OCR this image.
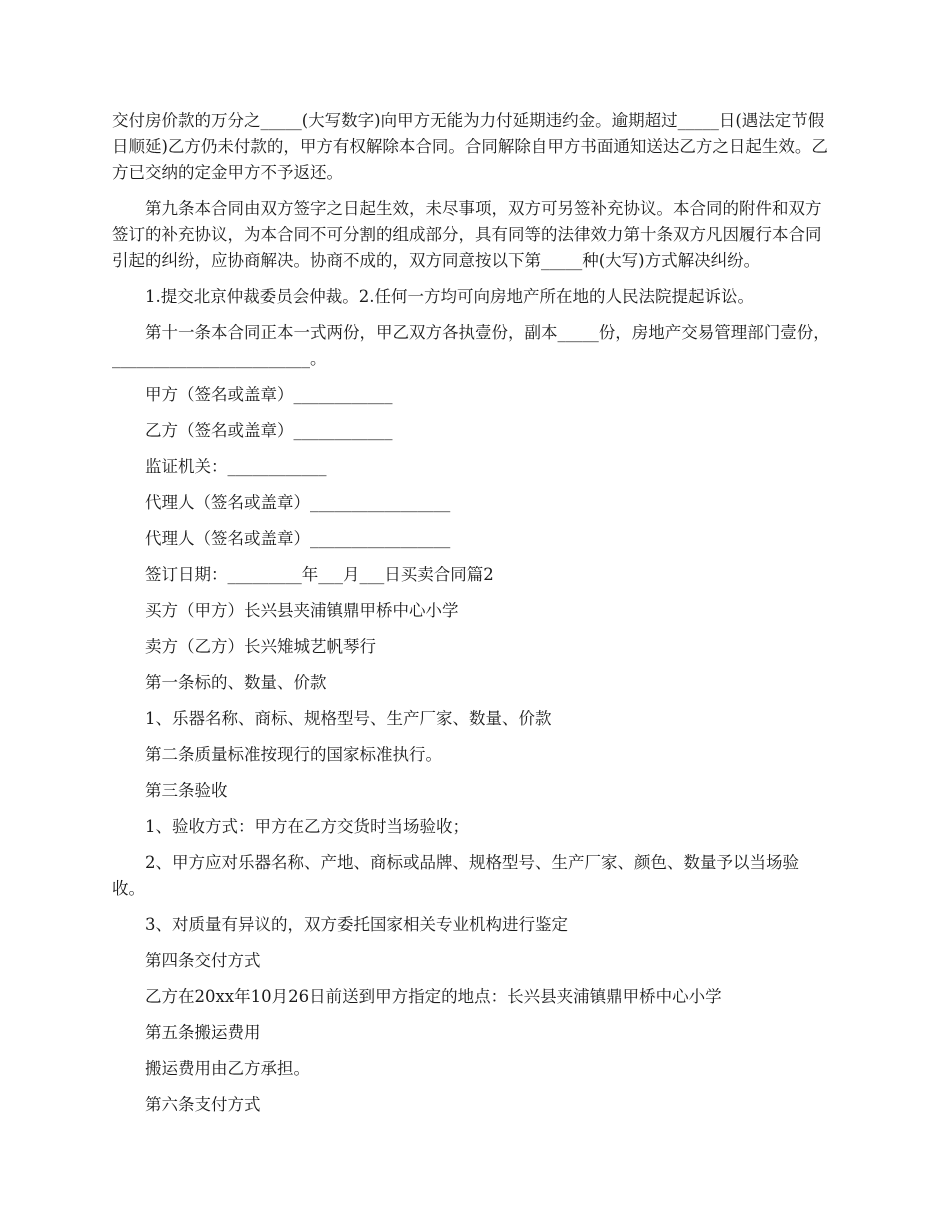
交付房价款的万分之_____(大写数字)向甲方无能为力付延期违约金。逾期超过_____日(遇法定节假日顺延)乙方仍未付款的，甲方有权解除本合同。合同解除自甲方书面通知送达乙方之日起生效。乙方已交纳的定金甲方不予返还。

第九条本合同由双方签字之日起生效，未尽事项，双方可另签补充协议。本合同的附件和双方签订的补充协议，为本合同不可分割的组成部分，具有同等的法律效力第十条双方凡因履行本合同引起的纠纷，应协商解决。协商不成的，双方同意按以下第_____种(大写)方式解决纠纷。

1.提交北京仲裁委员会仲裁。2.任何一方均可向房地产所在地的人民法院提起诉讼。

第十一条本合同正本一式两份，甲乙双方各执壹份，副本_____份，房地产交易管理部门壹份，________________________。

甲方（签名或盖章）____________

乙方（签名或盖章）____________

监证机关：____________

代理人（签名或盖章）_________________

代理人（签名或盖章）_________________

签订日期：_________年___月___日买卖合同篇2

买方（甲方）长兴县夹浦镇鼎甲桥中心小学

卖方（乙方）长兴雉城艺帆琴行

第一条标的、数量、价款

1、乐器名称、商标、规格型号、生产厂家、数量、价款

第二条质量标准按现行的国家标准执行。

第三条验收

1、验收方式：甲方在乙方交货时当场验收；

2、甲方应对乐器名称、产地、商标或品牌、规格型号、生产厂家、颜色、数量予以当场验收。

3、对质量有异议的，双方委托国家相关专业机构进行鉴定

第四条交付方式

乙方在20xx年10月26日前送到甲方指定的地点：长兴县夹浦镇鼎甲桥中心小学

第五条搬运费用

搬运费用由乙方承担。

第六条支付方式
